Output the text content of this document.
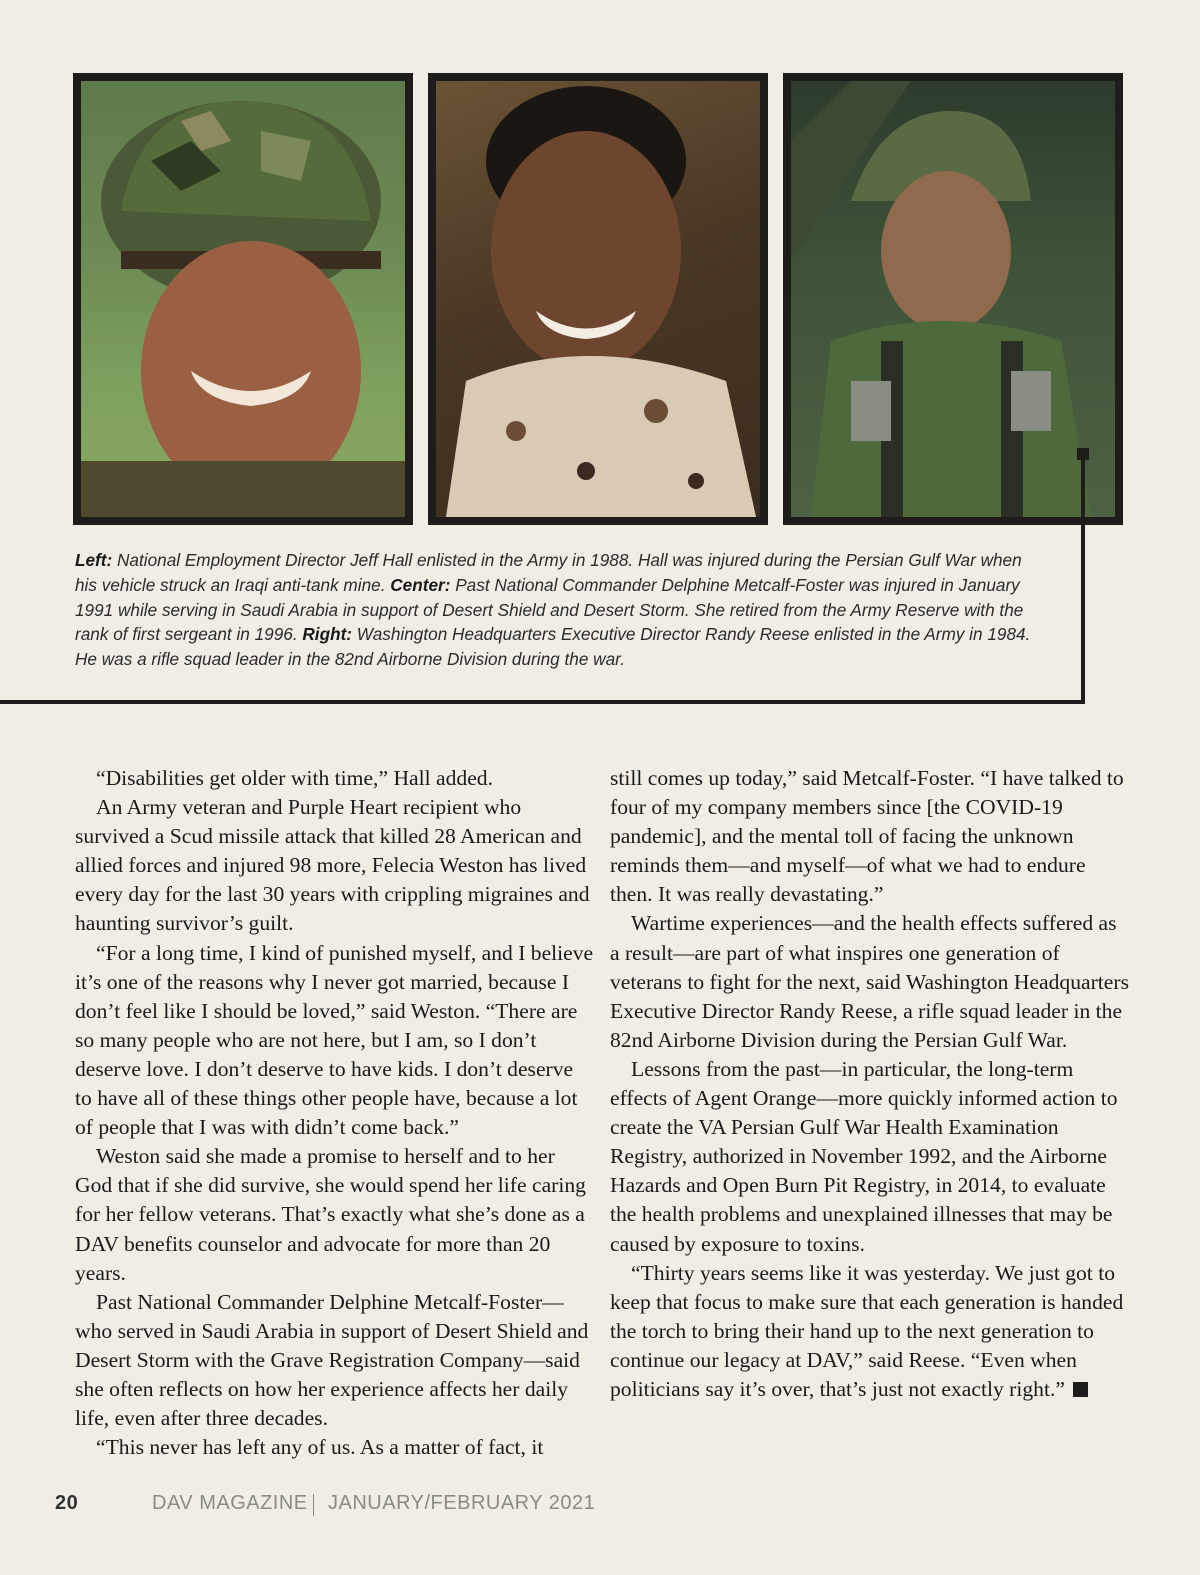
Left: National Employment Director Jeff Hall enlisted in the Army in 1988. Hall was injured during the Persian Gulf War when his vehicle struck an Iraqi anti-tank mine. Center: Past National Commander Delphine Metcalf-Foster was injured in January 1991 while serving in Saudi Arabia in support of Desert Shield and Desert Storm. She retired from the Army Reserve with the rank of first sergeant in 1996. Right: Washington Headquarters Executive Director Randy Reese enlisted in the Army in 1984. He was a rifle squad leader in the 82nd Airborne Division during the war.

“Disabilities get older with time,” Hall added.

An Army veteran and Purple Heart recipient who survived a Scud missile attack that killed 28 American and allied forces and injured 98 more, Felecia Weston has lived every day for the last 30 years with crippling migraines and haunting survivor’s guilt.

“For a long time, I kind of punished myself, and I believe it’s one of the reasons why I never got married, because I don’t feel like I should be loved,” said Weston. “There are so many people who are not here, but I am, so I don’t deserve love. I don’t deserve to have kids. I don’t deserve to have all of these things other people have, because a lot of people that I was with didn’t come back.”

Weston said she made a promise to herself and to her God that if she did survive, she would spend her life caring for her fellow veterans. That’s exactly what she’s done as a DAV benefits counselor and advocate for more than 20 years.

Past National Commander Delphine Metcalf-Foster—who served in Saudi Arabia in support of Desert Shield and Desert Storm with the Grave Registration Company—said she often reflects on how her experience affects her daily life, even after three decades.

“This never has left any of us. As a matter of fact, it

still comes up today,” said Metcalf-Foster. “I have talked to four of my company members since [the COVID-19 pandemic], and the mental toll of facing the unknown reminds them—and myself—of what we had to endure then. It was really devastating.”

Wartime experiences—and the health effects suffered as a result—are part of what inspires one generation of veterans to fight for the next, said Washington Headquarters Executive Director Randy Reese, a rifle squad leader in the 82nd Airborne Division during the Persian Gulf War.

Lessons from the past—in particular, the long-term effects of Agent Orange—more quickly informed action to create the VA Persian Gulf War Health Examination Registry, authorized in November 1992, and the Airborne Hazards and Open Burn Pit Registry, in 2014, to evaluate the health problems and unexplained illnesses that may be caused by exposure to toxins.

“Thirty years seems like it was yesterday. We just got to keep that focus to make sure that each generation is handed the torch to bring their hand up to the next generation to continue our legacy at DAV,” said Reese. “Even when politicians say it’s over, that’s just not exactly right.”

20	DAV MAGAZINE JANUARY/FEBRUARY 2021
